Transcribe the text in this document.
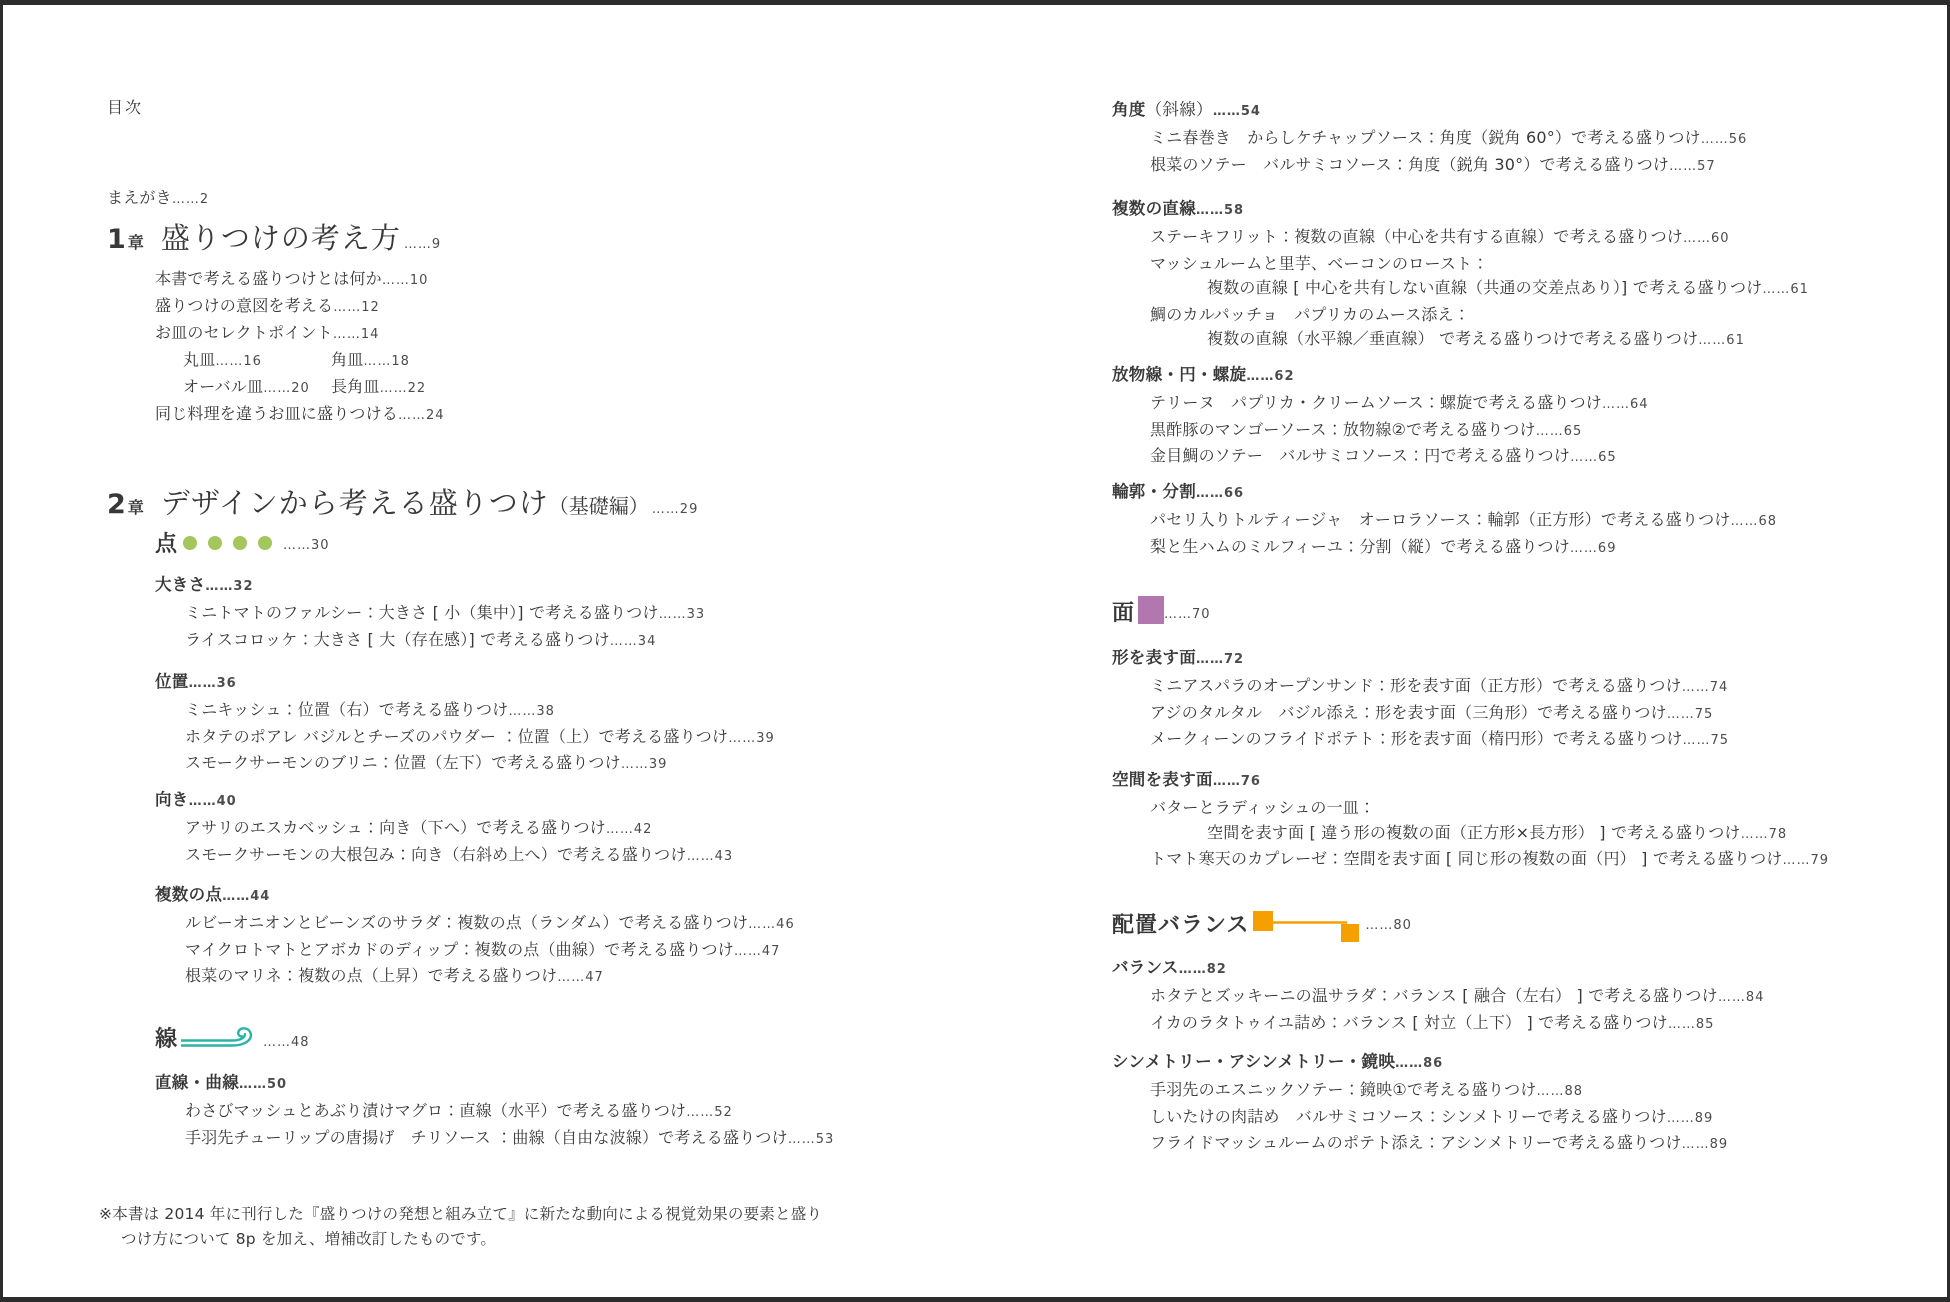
目次
まえがき……2
1 章 盛りつけの考え方 ……9
本書で考える盛りつけとは何か……10
盛りつけの意図を考える……12
お皿のセレクトポイント……14
丸皿……16	角皿……18
オーバル皿……20 長角皿……22
同じ料理を違うお皿に盛りつける……24
2 章 デザインから考える盛りつけ （基礎編） ……29
点	……30
大きさ……32
ミニトマトのファルシー：大きさ [ 小（集中）] で考える盛りつけ……33
ライスコロッケ：大きさ [ 大（存在感）] で考える盛りつけ……34
位置……36
ミニキッシュ：位置（右）で考える盛りつけ……38
ホタテのポアレ バジルとチーズのパウダー ：位置（上）で考える盛りつけ……39
スモークサーモンのブリニ：位置（左下）で考える盛りつけ……39
向き……40
アサリのエスカベッシュ：向き（下へ）で考える盛りつけ……42
スモークサーモンの大根包み：向き（右斜め上へ）で考える盛りつけ……43
複数の点……44
ルビーオニオンとビーンズのサラダ：複数の点（ランダム）で考える盛りつけ……46
マイクロトマトとアボカドのディップ：複数の点（曲線）で考える盛りつけ……47
根菜のマリネ：複数の点（上昇）で考える盛りつけ……47
線	……48
直線・曲線……50
わさびマッシュとあぶり漬けマグロ：直線（水平）で考える盛りつけ……52
手羽先チューリップの唐揚げ　チリソース ：曲線（自由な波線）で考える盛りつけ……53
※本書は 2014 年に刊行した『盛りつけの発想と組み立て』に新たな動向による視覚効果の要素と盛り
つけ方について 8p を加え、増補改訂したものです。
角度（斜線）……54
ミニ春巻き　からしケチャップソース：角度（鋭角 60°）で考える盛りつけ……56
根菜のソテー　バルサミコソース：角度（鋭角 30°）で考える盛りつけ……57
複数の直線……58
ステーキフリット：複数の直線（中心を共有する直線）で考える盛りつけ……60
マッシュルームと里芋、ベーコンのロースト：
複数の直線 [ 中心を共有しない直線（共通の交差点あり）] で考える盛りつけ……61
鯛のカルパッチョ　パプリカのムース添え：
複数の直線（水平線／垂直線） で考える盛りつけで考える盛りつけ……61
放物線・円・螺旋……62
テリーヌ　パプリカ・クリームソース：螺旋で考える盛りつけ……64
黒酢豚のマンゴーソース：放物線②で考える盛りつけ……65
金目鯛のソテー　バルサミコソース：円で考える盛りつけ……65
輪郭・分割……66
パセリ入りトルティージャ　オーロラソース：輪郭（正方形）で考える盛りつけ……68
梨と生ハムのミルフィーユ：分割（縦）で考える盛りつけ……69
面 ……70
形を表す面……72
ミニアスパラのオープンサンド：形を表す面（正方形）で考える盛りつけ……74
アジのタルタル　バジル添え：形を表す面（三角形）で考える盛りつけ……75
メークィーンのフライドポテト：形を表す面（楕円形）で考える盛りつけ……75
空間を表す面……76
バターとラディッシュの一皿：
空間を表す面 [ 違う形の複数の面（正方形×長方形） ] で考える盛りつけ……78
トマト寒天のカプレーゼ：空間を表す面 [ 同じ形の複数の面（円） ] で考える盛りつけ……79
配置バランス	……80
バランス……82
ホタテとズッキーニの温サラダ：バランス [ 融合（左右） ] で考える盛りつけ……84
イカのラタトゥイユ詰め：バランス [ 対立（上下） ] で考える盛りつけ……85
シンメトリー・アシンメトリー・鏡映……86
手羽先のエスニックソテー：鏡映①で考える盛りつけ……88
しいたけの肉詰め　バルサミコソース：シンメトリーで考える盛りつけ……89
フライドマッシュルームのポテト添え：アシンメトリーで考える盛りつけ……89
